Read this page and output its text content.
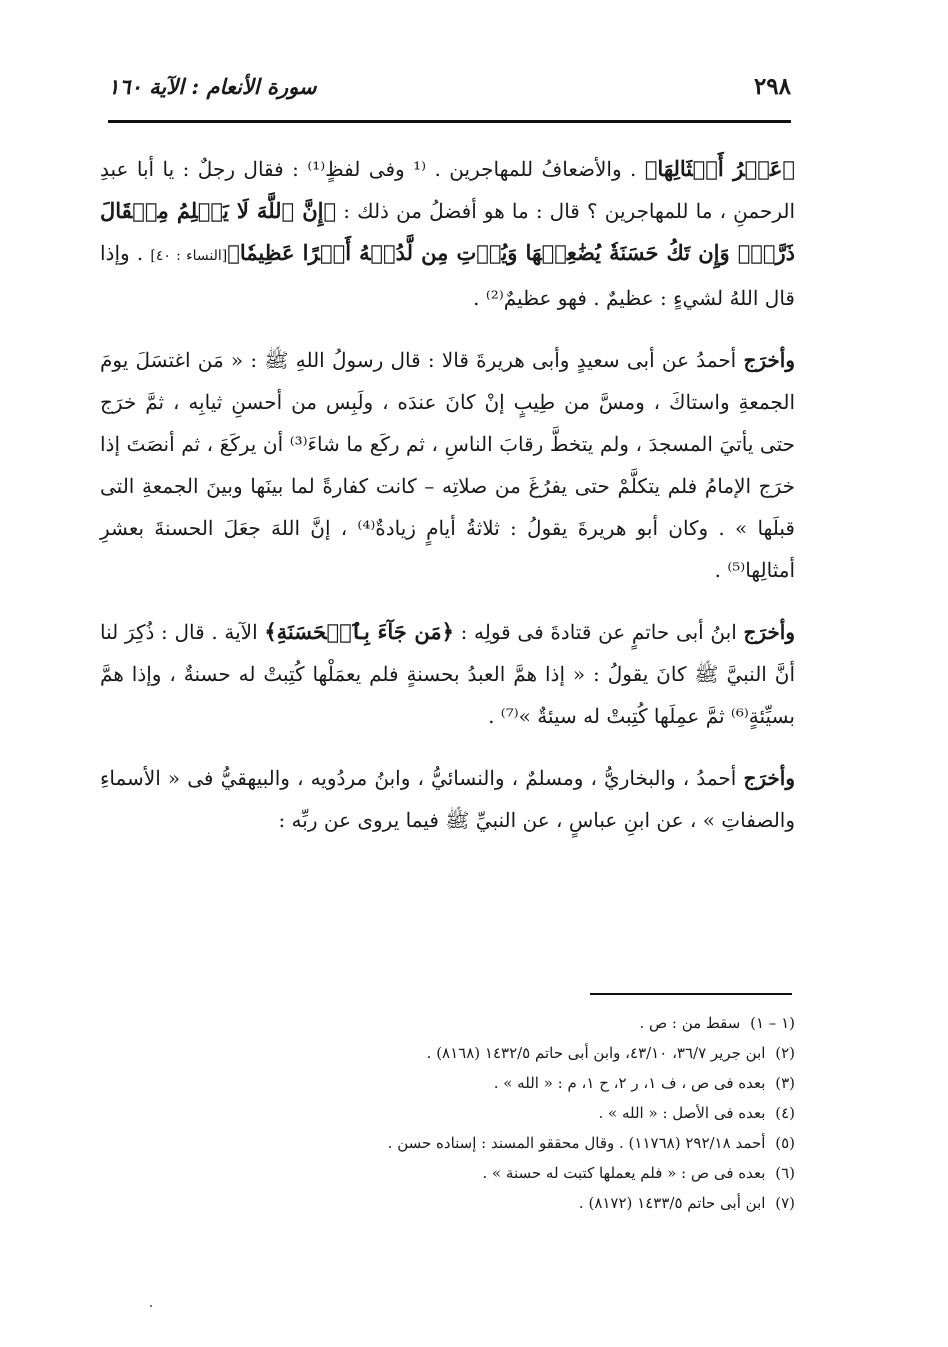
٢٩٨
سورة الأنعام : الآية ١٦٠

﴿عَشۡرُ أَمۡثَالِهَا﴾ . والأضعافُ للمهاجرين . ⁽¹ وفى لفظٍ⁽¹⁾ : فقال رجلٌ : يا أبا عبدِ الرحمنِ ، ما للمهاجرين ؟ قال : ما هو أفضلُ من ذلك : ﴿إِنَّ ٱللَّهَ لَا يَظۡلِمُ مِثۡقَالَ ذَرَّةٖۖ وَإِن تَكُ حَسَنَةٗ يُضَٰعِفۡهَا وَيُؤۡتِ مِن لَّدُنۡهُ أَجۡرًا عَظِيمٗا﴾[النساء : ٤٠] . وإذا قال اللهُ لشيءٍ : عظيمٌ . فهو عظيمٌ⁽²⁾ .

وأخرَج أحمدُ عن أبى سعيدٍ وأبى هريرةَ قالا : قال رسولُ اللهِ ﷺ : « مَن اغتسَلَ يومَ الجمعةِ واستاكَ ، ومسَّ من طِيبٍ إنْ كانَ عندَه ، ولَبِس من أحسنِ ثيابِه ، ثمَّ خرَج حتى يأتيَ المسجدَ ، ولم يتخطَّ رقابَ الناسِ ، ثم ركَع ما شاءَ⁽³⁾ أن يركَعَ ، ثم أنصَتَ إذا خرَج الإمامُ فلم يتكلَّمْ حتى يفرُغَ من صلاتِه – كانت كفارةً لما بينَها وبينَ الجمعةِ التى قبلَها » . وكان أبو هريرةَ يقولُ : ثلاثةُ أيامٍ زيادةٌ⁽⁴⁾ ، إنَّ اللهَ جعَلَ الحسنةَ بعشرِ أمثالِها⁽⁵⁾ .

وأخرَج ابنُ أبى حاتمٍ عن قتادةَ فى قولِه : ﴿مَن جَآءَ بِٱلۡحَسَنَةِ﴾ الآية . قال : ذُكِرَ لنا أنَّ النبيَّ ﷺ كانَ يقولُ : « إذا همَّ العبدُ بحسنةٍ فلم يعمَلْها كُتِبتْ له حسنةٌ ، وإذا همَّ بسيِّئةٍ⁽⁶⁾ ثمَّ عمِلَها كُتِبتْ له سيئةٌ »⁽⁷⁾ .

وأخرَج أحمدُ ، والبخاريُّ ، ومسلمٌ ، والنسائيُّ ، وابنُ مردُويه ، والبيهقيُّ فى « الأسماءِ والصفاتِ » ، عن ابنِ عباسٍ ، عن النبيِّ ﷺ فيما يروى عن ربِّه :

(١ – ١) سقط من : ص .
(٢) ابن جرير ٣٦/٧، ٤٣/١٠، وابن أبى حاتم ١٤٣٢/٥ (٨١٦٨) .
(٣) بعده فى ص ، ف ١، ر ٢، ح ١، م : « الله » .
(٤) بعده فى الأصل : « الله » .
(٥) أحمد ٢٩٢/١٨ (١١٧٦٨) . وقال محققو المسند : إسناده حسن .
(٦) بعده فى ص : « فلم يعملها كتبت له حسنة » .
(٧) ابن أبى حاتم ١٤٣٣/٥ (٨١٧٢) .
